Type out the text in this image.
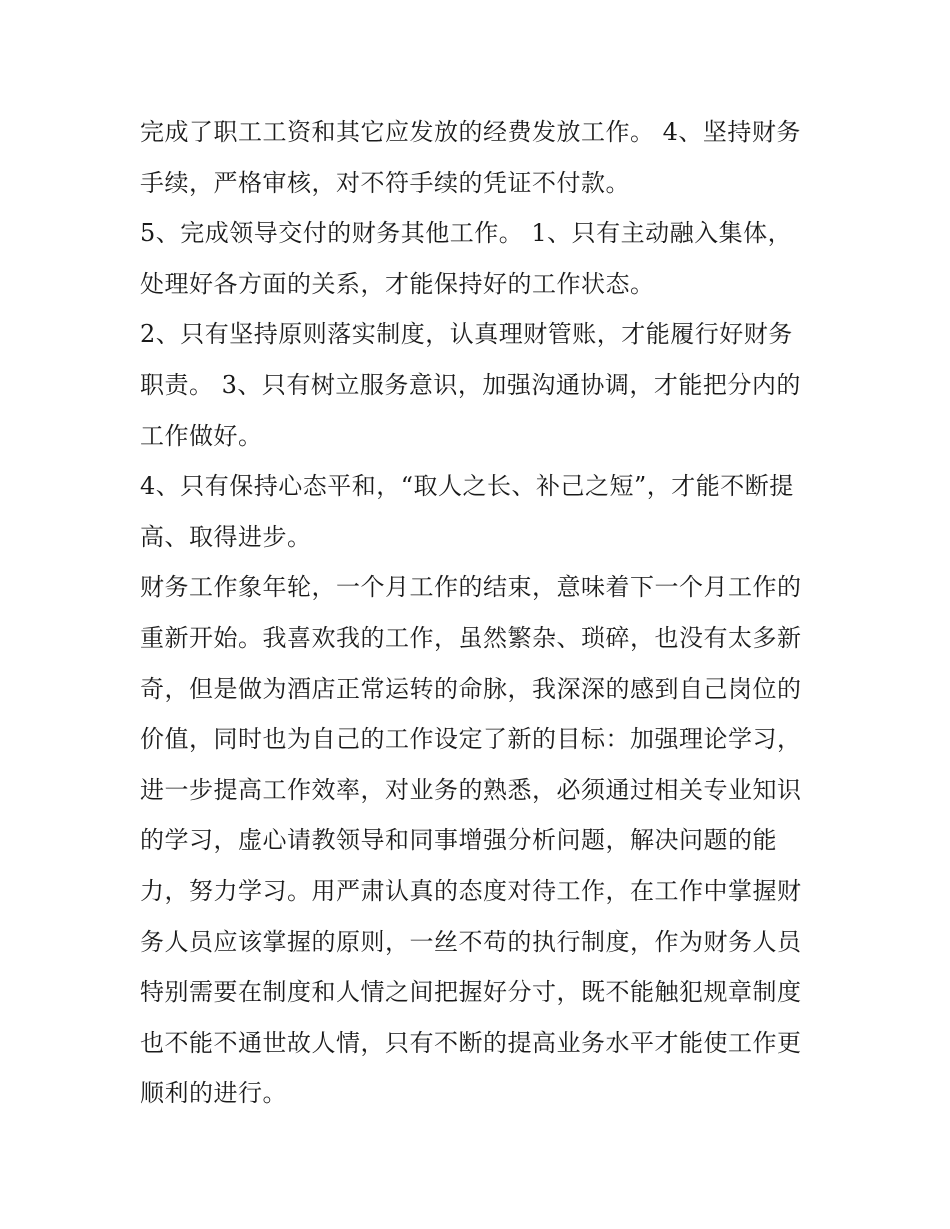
完成了职工工资和其它应发放的经费发放工作。 4、坚持财务
手续，严格审核，对不符手续的凭证不付款。
5、完成领导交付的财务其他工作。 1、只有主动融入集体，
处理好各方面的关系，才能保持好的工作状态。
2、只有坚持原则落实制度，认真理财管账，才能履行好财务
职责。 3、只有树立服务意识，加强沟通协调，才能把分内的
工作做好。
4、只有保持心态平和，“取人之长、补己之短”，才能不断提
高、取得进步。
财务工作象年轮，一个月工作的结束，意味着下一个月工作的
重新开始。我喜欢我的工作，虽然繁杂、琐碎，也没有太多新
奇，但是做为酒店正常运转的命脉，我深深的感到自己岗位的
价值，同时也为自己的工作设定了新的目标：加强理论学习，
进一步提高工作效率，对业务的熟悉，必须通过相关专业知识
的学习，虚心请教领导和同事增强分析问题，解决问题的能
力，努力学习。用严肃认真的态度对待工作，在工作中掌握财
务人员应该掌握的原则，一丝不苟的执行制度，作为财务人员
特别需要在制度和人情之间把握好分寸，既不能触犯规章制度
也不能不通世故人情，只有不断的提高业务水平才能使工作更
顺利的进行。
